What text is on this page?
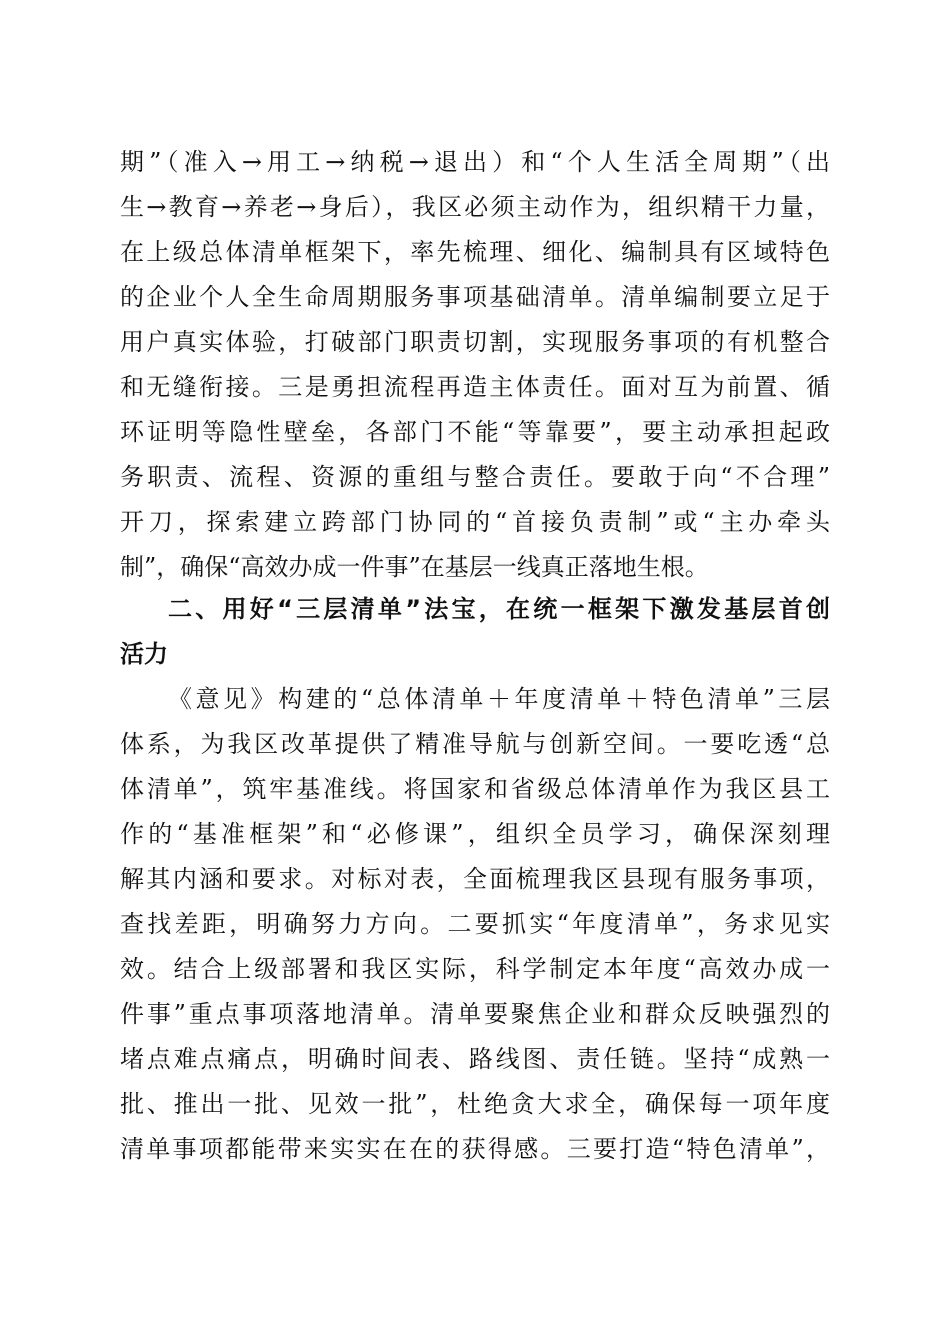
期”（准入→用工→纳税→退出）和“个人生活全周期”（出
生→教育→养老→身后），我区必须主动作为，组织精干力量，
在上级总体清单框架下，率先梳理、细化、编制具有区域特色
的企业个人全生命周期服务事项基础清单。清单编制要立足于
用户真实体验，打破部门职责切割，实现服务事项的有机整合
和无缝衔接。三是勇担流程再造主体责任。面对互为前置、循
环证明等隐性壁垒，各部门不能“等靠要”，要主动承担起政
务职责、流程、资源的重组与整合责任。要敢于向“不合理”
开刀，探索建立跨部门协同的“首接负责制”或“主办牵头
制”，确保“高效办成一件事”在基层一线真正落地生根。
二、用好“三层清单”法宝，在统一框架下激发基层首创
活力
《意见》构建的“总体清单＋年度清单＋特色清单”三层
体系，为我区改革提供了精准导航与创新空间。一要吃透“总
体清单”，筑牢基准线。将国家和省级总体清单作为我区县工
作的“基准框架”和“必修课”，组织全员学习，确保深刻理
解其内涵和要求。对标对表，全面梳理我区县现有服务事项，
查找差距，明确努力方向。二要抓实“年度清单”，务求见实
效。结合上级部署和我区实际，科学制定本年度“高效办成一
件事”重点事项落地清单。清单要聚焦企业和群众反映强烈的
堵点难点痛点，明确时间表、路线图、责任链。坚持“成熟一
批、推出一批、见效一批”，杜绝贪大求全，确保每一项年度
清单事项都能带来实实在在的获得感。三要打造“特色清单”，
